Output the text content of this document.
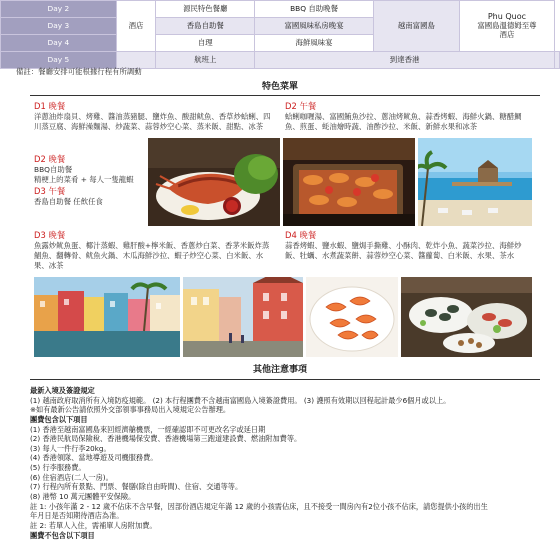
Day 2	酒店	源民特色餐廳	BBQ 自助晚餐	越南富國島	Phu Quoc
富國島溫德姆至尊
酒店	

Day 3		香島自助餐	富國風味私房晚宴			
Day 4		自理	海鮮風味宴			
Day 5		航班上	到達香港			
備註：餐廳安排可能根據行程有所調動
特色菜單
D1 晚餐
洋蔥油炸扇貝、烤雞、醬油蒸豬腿、鹽炸魚、酸甜鱿魚、香草炒蛤蜊、四川蒸豆腐、海鮮澡麵湯、炒蔬菜、蒜蓉炒空心菜、蒸米飯、甜點、冰茶
D2 午餐
蛤蜊咖喱湯、富國鮪魚沙拉、蔥油烤鱿魚、蒜香烤蝦、海鮮火鍋、糖醋鯛魚、煎蛋、蚝油燴時蔬、油酢沙拉、米飯、新鮮水果和冰茶
D2 晚餐
BBQ自助餐
精梗上的菜肴 + 每人一隻龍蝦
D3 午餐
香島自助餐 任飲任食
D3 晚餐
魚露炒鱿魚蛋、椰汁蒸蝦、雞肝酸+檸米飯、香蔥炒白菜、香茅米飯炸蒸鯧魚、翻轉骨、鱿魚火鍋、木瓜海鮮沙拉、蝦子炒空心菜、白米飯、水果、冰茶
D4 晚餐
蒜香烤蝦、鹽水蝦、鹽焗手撕雞、小酥肉、乾炸小魚、蔬菜沙拉、海鮮炒飯、牡蠣、水煮蔬菜餅、蒜蓉炒空心菜、醬蘿蔔、白米飯、水果、茶水
其他注意事項
最新入境及簽證規定
(1) 越南政府取消所有入境防疫規範。 (2) 本行程團費不含越南富國島入境簽證費用。 (3) 護照有效期以回程起計最少6個月或以上。
※如有最新公告請依照外交部領事事務局出入境規定公告辦理。
團費包含以下項目
(1) 香港至越南富國島來回經濟艙機票，一經確認即不可更改名字或延日期
(2) 香港民航局保險稅、香港機場保安費、香港機場第三跑道建設費、燃油附加費等。
(3) 每人一件行李20kg。
(4) 香港領隊、當地導遊及司機服務費。
(5) 行李服務費。
(6) 住宿酒店(二人一房)。
(7) 行程內所有景點、門票、餐膳(除自由時間)、住宿、交通等等。
(8) 港幣 10 萬元團體平安保險。
註 1: 小孩年滿 2 - 12 歲不佔床不含早餐，因部份酒店規定年滿 12 歲的小孩需佔床，且不接受一間房內有2位小孩不佔床，請您提供小孩的出生
年月日是否知期待酒店為准。
註 2: 若單人入住，需補單人房附加費。
團費不包含以下項目
